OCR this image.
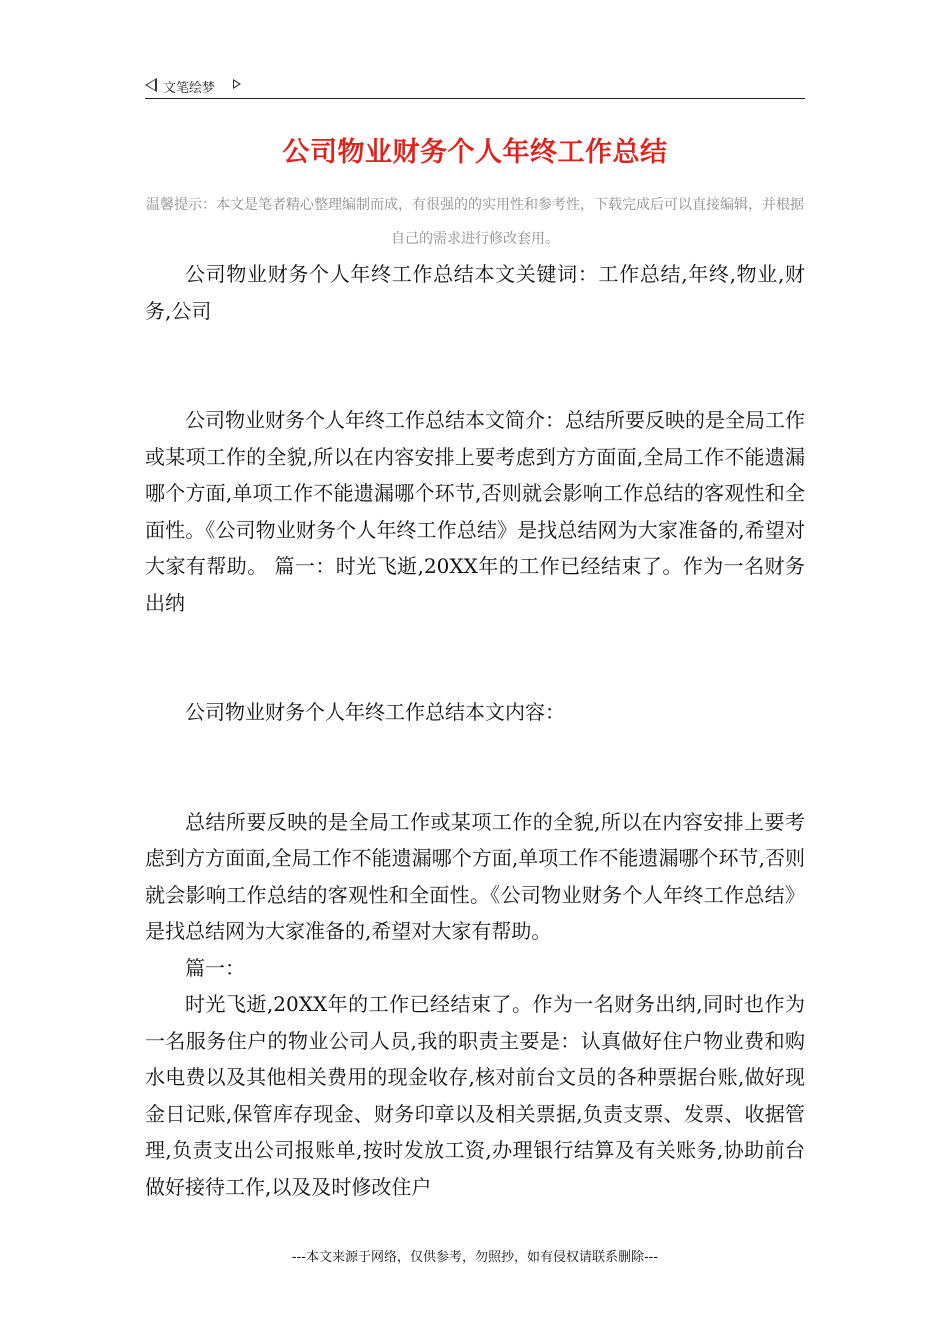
文笔绘梦
公司物业财务个人年终工作总结
温馨提示：本文是笔者精心整理编制而成，有很强的的实用性和参考性，下载完成后可以直接编辑，并根据自己的需求进行修改套用。

公司物业财务个人年终工作总结本文关键词：工作总结,年终,物业,财务,公司

公司物业财务个人年终工作总结本文简介：总结所要反映的是全局工作或某项工作的全貌,所以在内容安排上要考虑到方方面面,全局工作不能遗漏哪个方面,单项工作不能遗漏哪个环节,否则就会影响工作总结的客观性和全面性。《公司物业财务个人年终工作总结》是找总结网为大家准备的,希望对大家有帮助。 篇一：时光飞逝,20XX年的工作已经结束了。作为一名财务出纳

公司物业财务个人年终工作总结本文内容：

总结所要反映的是全局工作或某项工作的全貌,所以在内容安排上要考虑到方方面面,全局工作不能遗漏哪个方面,单项工作不能遗漏哪个环节,否则就会影响工作总结的客观性和全面性。《公司物业财务个人年终工作总结》是找总结网为大家准备的,希望对大家有帮助。

篇一：

时光飞逝,20XX年的工作已经结束了。作为一名财务出纳,同时也作为一名服务住户的物业公司人员,我的职责主要是：认真做好住户物业费和购水电费以及其他相关费用的现金收存,核对前台文员的各种票据台账,做好现金日记账,保管库存现金、财务印章以及相关票据,负责支票、发票、收据管理,负责支出公司报账单,按时发放工资,办理银行结算及有关账务,协助前台做好接待工作,以及及时修改住户

---本文来源于网络，仅供参考，勿照抄，如有侵权请联系删除---
